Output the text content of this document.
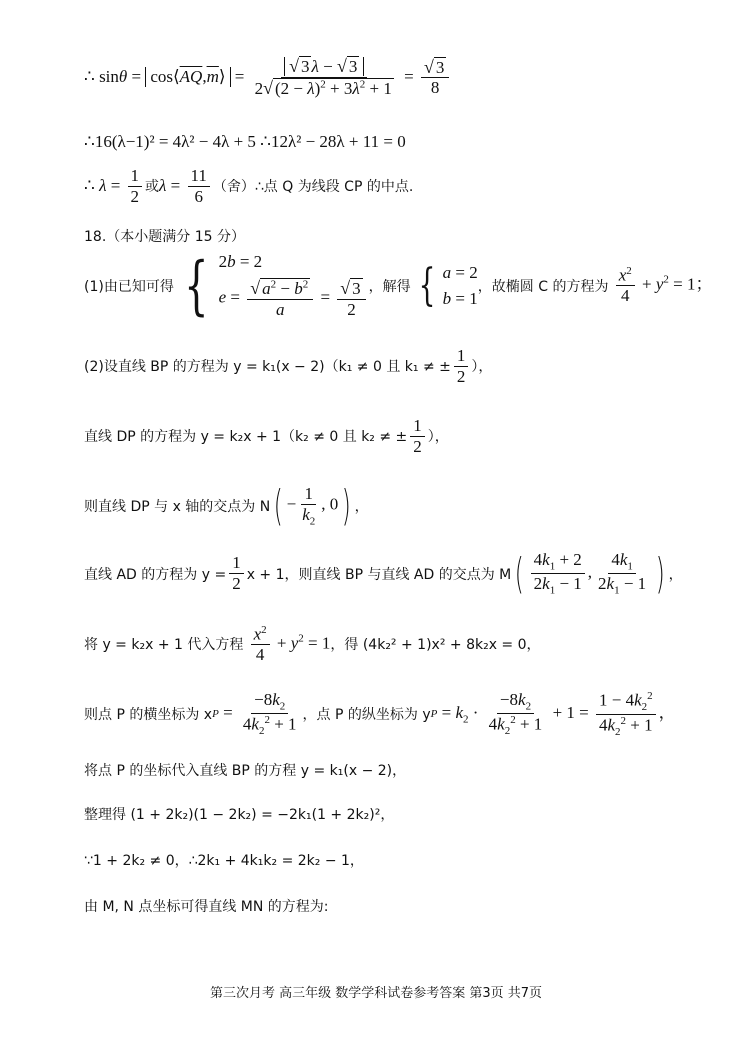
∴ $\sin \theta = \cos⟨\overline{AQ},\overline{m}⟩ = \frac{√ 3 \lambda - √ 3}{2√ (2 - \lambda)^2 + 3\lambda^2 + 1} = \frac{√ 3}{8}$
∴16(λ−1)² = 4λ² − 4λ + 5 ∴12λ² − 28λ + 11 = 0
∴ $\lambda = \frac{1}{2}$ 或 $\lambda = \frac{11}{6}$ （舍）∴点 Q 为线段 CP 的中点.
18.（本小题满分 15 分）
(1)由已知可得 { 2b = 2
$e = \frac{√ a^2 - b^2}{a} = \frac{√ 3}{2}$ ，解得 { a = 2
b = 1
，故椭圆 C 的方程为
$\frac{x^2}{4} + y^2 = 1$；
(2)设直线 BP 的方程为 y = k₁(x − 2)（k₁ ≠ 0 且 k₁ ≠ ± $\frac{1}{2}$ ），
直线 DP 的方程为 y = k₂x + 1（k₂ ≠ 0 且 k₂ ≠ ± $\frac{1}{2}$ ），
则直线 DP 与 x 轴的交点为 N ( − $\frac{1}{k_2}$ , 0 ) ，
直线 AD 的方程为 $y = \frac{1}{2}$ x + 1，则直线 BP 与直线 AD 的交点为 M ( $\frac{4k_1 + 2}{2k_1 - 1}$ , $\frac{4k_1}{2k_1 - 1}$ ) ，
将 y = k₂x + 1 代入方程
$\frac{x^2}{4} + y^2 = 1$ ，得 (4k₂² + 1)x² + 8k₂x = 0，
则点 P 的横坐标为 x $P = \frac{-8k_2}{4k_2^2 + 1}$ ，点 P 的纵坐标为 y $P = k_2 \cdot \frac{-8k_2}{4k_2^2 + 1} + 1 = \frac{1 - 4k_2^2}{4k_2^2 + 1}$ ，
将点 P 的坐标代入直线 BP 的方程 y = k₁(x − 2)，
整理得 (1 + 2k₂)(1 − 2k₂) = −2k₁(1 + 2k₂)²，
∵1 + 2k₂ ≠ 0，∴2k₁ + 4k₁k₂ = 2k₂ − 1，
由 M, N 点坐标可得直线 MN 的方程为:
第三次月考 高三年级 数学学科试卷参考答案 第3页 共7页
